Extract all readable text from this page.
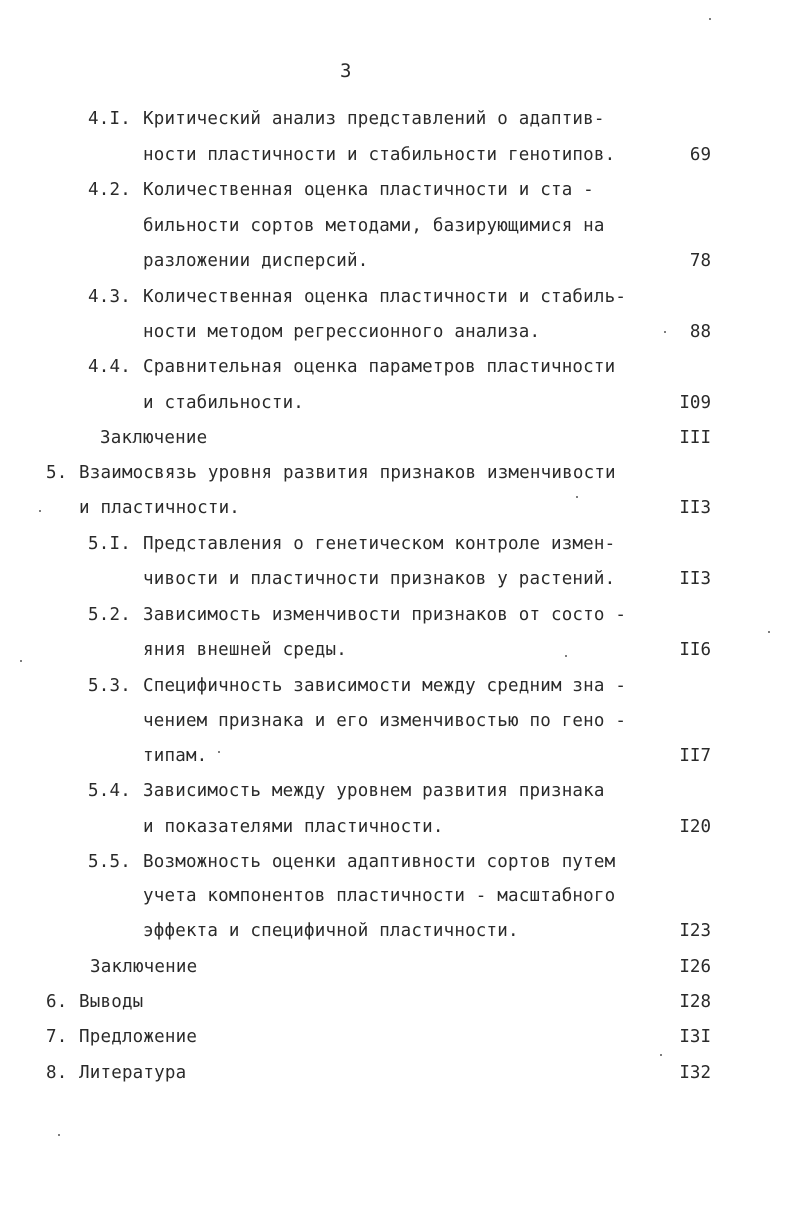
3
4.I. Критический анализ представлений о адаптив-
ности пластичности и стабильности генотипов.	69
4.2. Количественная оценка пластичности и ста -
бильности сортов методами, базирующимися на
разложении дисперсий.	78
4.3. Количественная оценка пластичности и стабиль-
ности методом регрессионного анализа.	88
4.4. Сравнительная оценка параметров пластичности
и стабильности.	I09
Заключение	III
5. Взаимосвязь уровня развития признаков изменчивости
и пластичности.	II3
5.I. Представления о генетическом контроле измен-
чивости и пластичности признаков у растений.	II3
5.2. Зависимость изменчивости признаков от состо -
яния внешней среды.	II6
5.3. Специфичность зависимости между средним зна -
чением признака и его изменчивостью по гено -
типам.	II7
5.4. Зависимость между уровнем развития признака
и показателями пластичности.	I20
5.5. Возможность оценки адаптивности сортов путем
учета компонентов пластичности - масштабного
эффекта и специфичной пластичности.	I23
Заключение	I26
6. Выводы	I28
7. Предложение	I3I
8. Литература	I32
